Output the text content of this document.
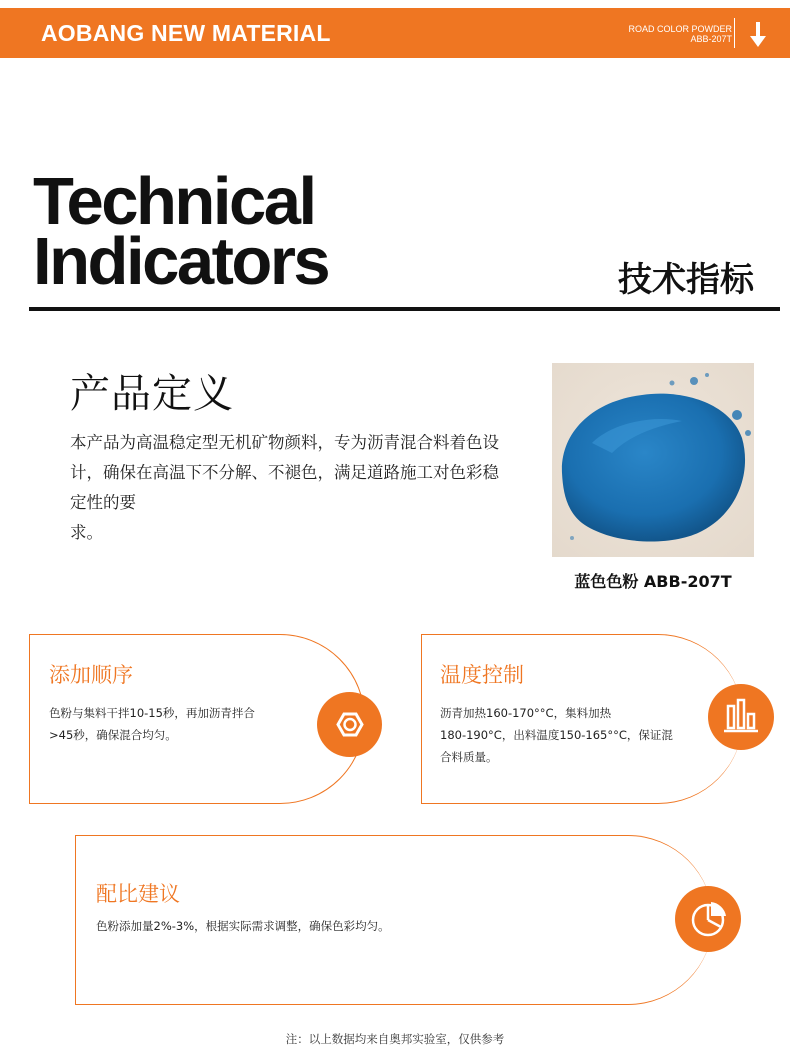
AOBANG NEW MATERIAL	ROAD COLOR POWDER
ABB-207T
Technical
Indicators	技术指标
产品定义

本产品为高温稳定型无机矿物颜料，专为沥青混合料着色设

计，确保在高温下不分解、不褪色，满足道路施工对色彩稳

定性的要

求。

蓝色色粉 ABB-207T
添加顺序
色粉与集料干拌10-15秒，再加沥青拌合
>45秒，确保混合均匀。
温度控制
沥青加热160-170°°C，集料加热
180-190°C，出料温度150-165°°C，保证混
合料质量。
配比建议
色粉添加量2%-3%，根据实际需求调整，确保色彩均匀。
注：以上数据均来自奥邦实验室，仅供参考
